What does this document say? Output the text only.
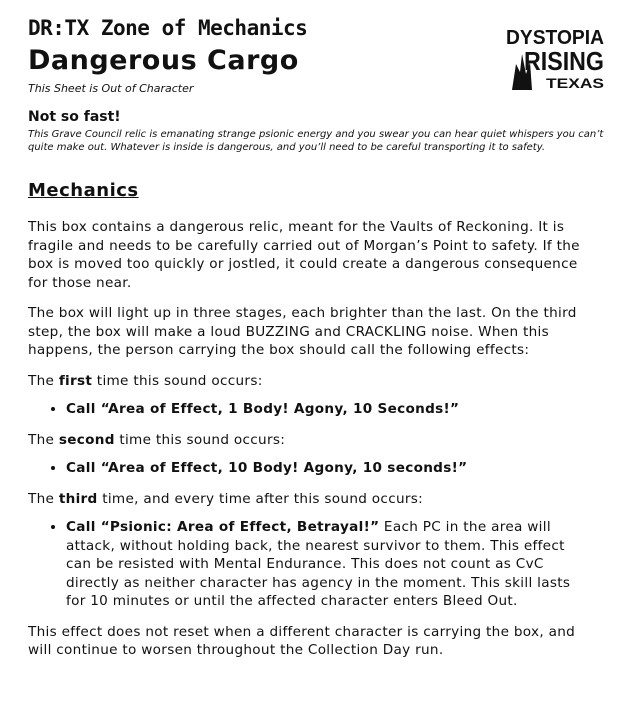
DR:TX Zone of Mechanics
Dangerous Cargo
This Sheet is Out of Character
DYSTOPIA
RISING
TEXAS
Not so fast!
This Grave Council relic is emanating strange psionic energy and you swear you can hear quiet whispers you can’t quite make out. Whatever is inside is dangerous, and you’ll need to be careful transporting it to safety.
Mechanics

This box contains a dangerous relic, meant for the Vaults of Reckoning. It is fragile and needs to be carefully carried out of Morgan’s Point to safety. If the box is moved too quickly or jostled, it could create a dangerous consequence for those near.

The box will light up in three stages, each brighter than the last. On the third step, the box will make a loud BUZZING and CRACKLING noise. When this happens, the person carrying the box should call the following effects:

The first time this sound occurs:

• Call “Area of Effect, 1 Body! Agony, 10 Seconds!”

The second time this sound occurs:

• Call “Area of Effect, 10 Body! Agony, 10 seconds!”

The third time, and every time after this sound occurs:

• Call “Psionic: Area of Effect, Betrayal!” Each PC in the area will attack, without holding back, the nearest survivor to them. This effect can be resisted with Mental Endurance. This does not count as CvC directly as neither character has agency in the moment. This skill lasts for 10 minutes or until the affected character enters Bleed Out.

This effect does not reset when a different character is carrying the box, and will continue to worsen throughout the Collection Day run.
